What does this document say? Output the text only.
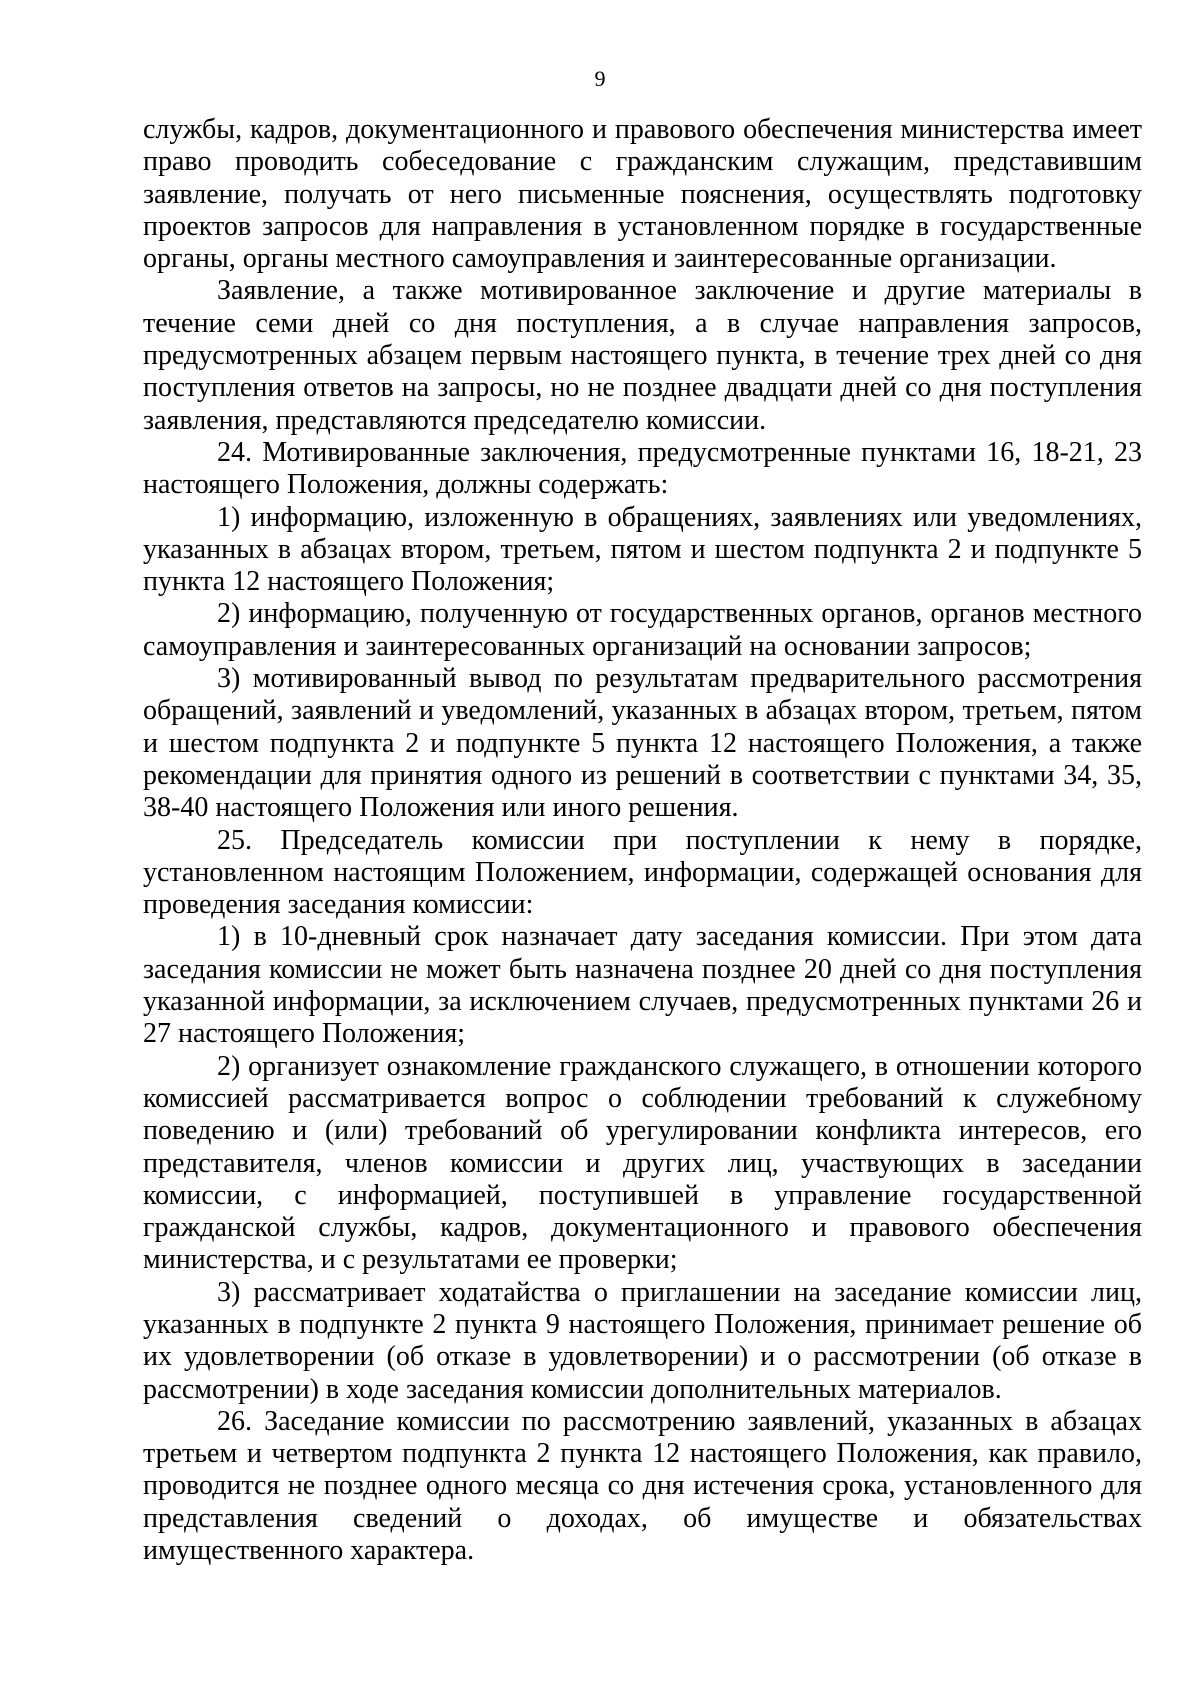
9

службы, кадров, документационного и правового обеспечения министерства имеет право проводить собеседование с гражданским служащим, представившим заявление, получать от него письменные пояснения, осуществлять подготовку проектов запросов для направления в установленном порядке в государственные органы, органы местного самоуправления и заинтересованные организации.

Заявление, а также мотивированное заключение и другие материалы в течение семи дней со дня поступления, а в случае направления запросов, предусмотренных абзацем первым настоящего пункта, в течение трех дней со дня поступления ответов на запросы, но не позднее двадцати дней со дня поступления заявления, представляются председателю комиссии.

24. Мотивированные заключения, предусмотренные пунктами 16, 18-21, 23 настоящего Положения, должны содержать:

1) информацию, изложенную в обращениях, заявлениях или уведомлениях, указанных в абзацах втором, третьем, пятом и шестом подпункта 2 и подпункте 5 пункта 12 настоящего Положения;

2) информацию, полученную от государственных органов, органов местного самоуправления и заинтересованных организаций на основании запросов;

3) мотивированный вывод по результатам предварительного рассмотрения обращений, заявлений и уведомлений, указанных в абзацах втором, третьем, пятом и шестом подпункта 2 и подпункте 5 пункта 12 настоящего Положения, а также рекомендации для принятия одного из решений в соответствии с пунктами 34, 35, 38-40 настоящего Положения или иного решения.

25. Председатель комиссии при поступлении к нему в порядке, установленном настоящим Положением, информации, содержащей основания для проведения заседания комиссии:

1) в 10-дневный срок назначает дату заседания комиссии. При этом дата заседания комиссии не может быть назначена позднее 20 дней со дня поступления указанной информации, за исключением случаев, предусмотренных пунктами 26 и 27 настоящего Положения;

2) организует ознакомление гражданского служащего, в отношении которого комиссией рассматривается вопрос о соблюдении требований к служебному поведению и (или) требований об урегулировании конфликта интересов, его представителя, членов комиссии и других лиц, участвующих в заседании комиссии, с информацией, поступившей в управление государственной гражданской службы, кадров, документационного и правового обеспечения министерства, и с результатами ее проверки;

3) рассматривает ходатайства о приглашении на заседание комиссии лиц, указанных в подпункте 2 пункта 9 настоящего Положения, принимает решение об их удовлетворении (об отказе в удовлетворении) и о рассмотрении (об отказе в рассмотрении) в ходе заседания комиссии дополнительных материалов.

26. Заседание комиссии по рассмотрению заявлений, указанных в абзацах третьем и четвертом подпункта 2 пункта 12 настоящего Положения, как правило, проводится не позднее одного месяца со дня истечения срока, установленного для представления сведений о доходах, об имуществе и обязательствах имущественного характера.
